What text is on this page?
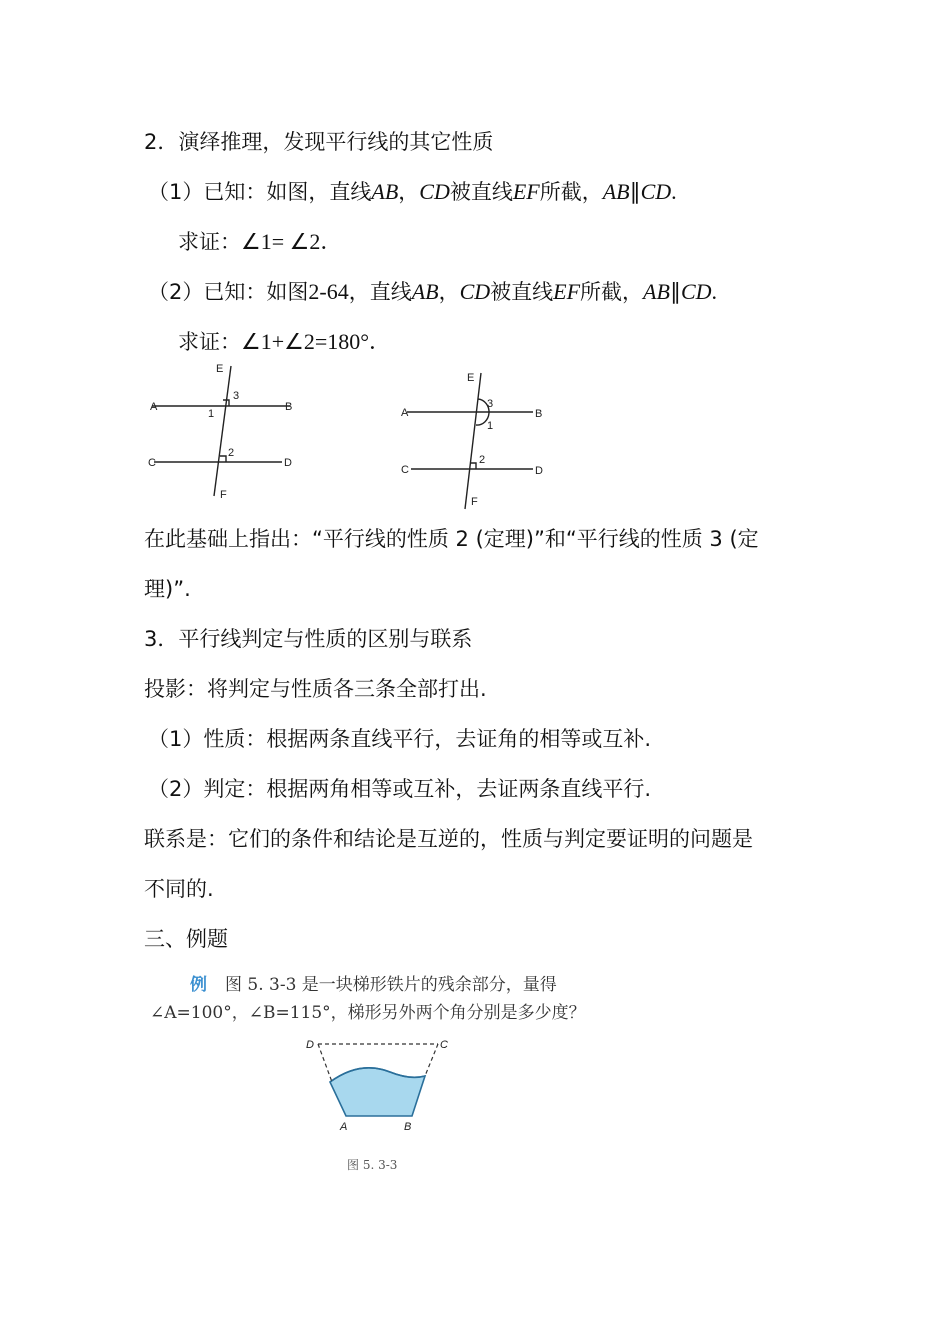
2．演绎推理，发现平行线的其它性质
（1）已知：如图，直线AB，CD被直线EF所截，AB∥CD.
求证：∠1= ∠2．
（2）已知：如图2-64，直线AB，CD被直线EF所截，AB∥CD.
求证：∠1+∠2=180°．
E
3
A	B
1
C
2
D
F
E
3
A	B
1
C
2
D
F
在此基础上指出：“平行线的性质 2 (定理)”和“平行线的性质 3 (定
理)”.
3．平行线判定与性质的区别与联系
投影：将判定与性质各三条全部打出.
（1）性质：根据两条直线平行，去证角的相等或互补.
（2）判定：根据两角相等或互补，去证两条直线平行.
联系是：它们的条件和结论是互逆的，性质与判定要证明的问题是
不同的.
三、例题
例 图 5. 3-3 是一块梯形铁片的残余部分，量得
∠A=100°，∠B=115°，梯形另外两个角分别是多少度？
D	C
A	B
图 5. 3-3
